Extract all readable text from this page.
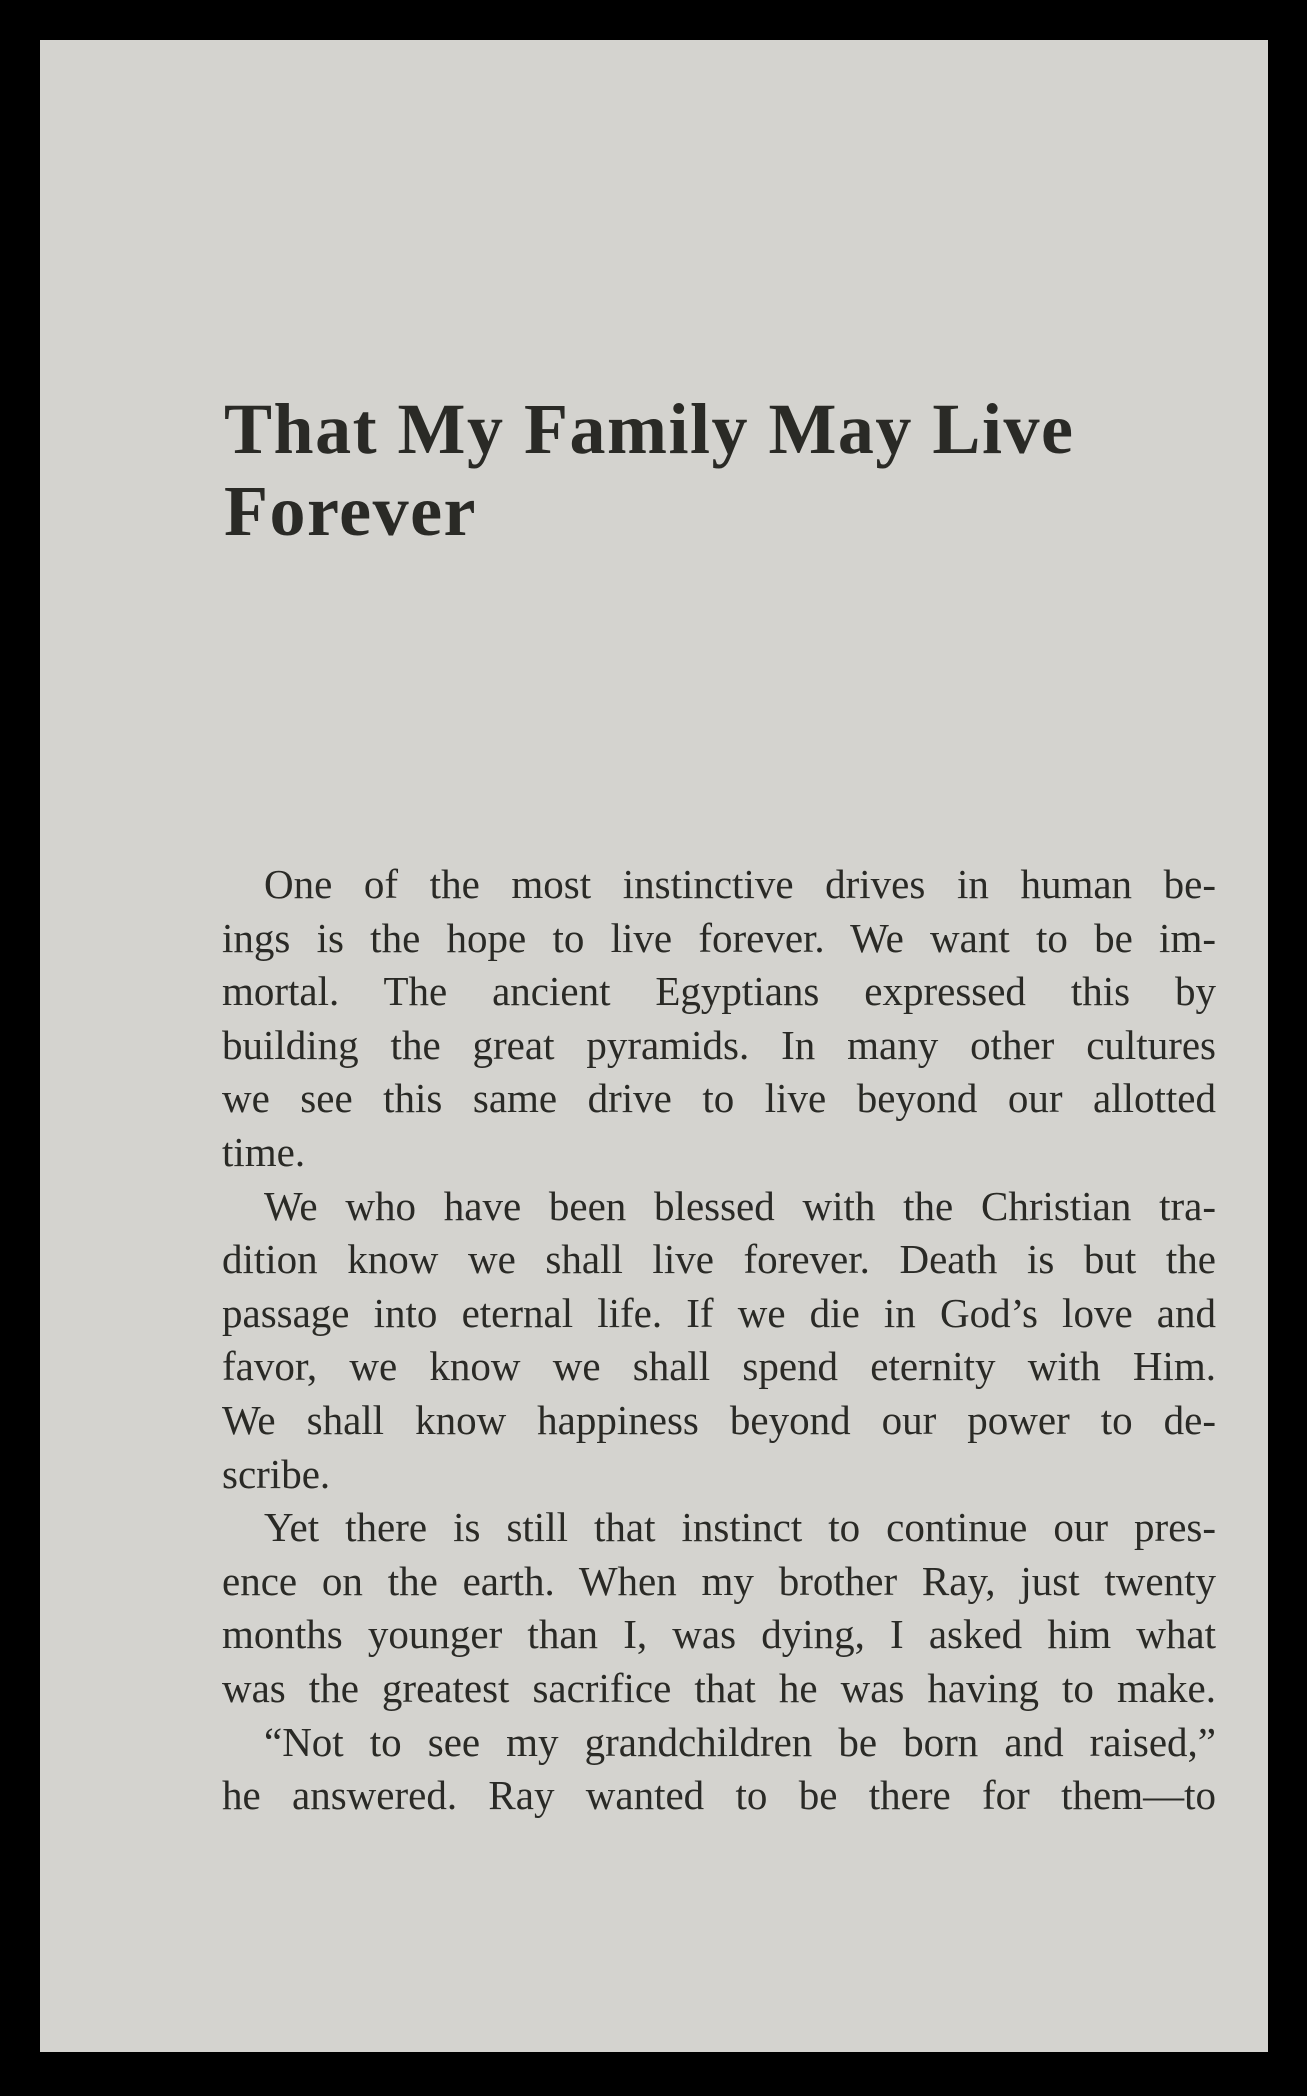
That My Family May Live
Forever

One of the most instinctive drives in human be-
ings is the hope to live forever. We want to be im-
mortal. The ancient Egyptians expressed this by
building the great pyramids. In many other cultures
we see this same drive to live beyond our allotted
time.

We who have been blessed with the Christian tra-
dition know we shall live forever. Death is but the
passage into eternal life. If we die in God’s love and
favor, we know we shall spend eternity with Him.
We shall know happiness beyond our power to de-
scribe.

Yet there is still that instinct to continue our pres-
ence on the earth. When my brother Ray, just twenty
months younger than I, was dying, I asked him what
was the greatest sacrifice that he was having to make.

“Not to see my grandchildren be born and raised,”
he answered. Ray wanted to be there for them—to
